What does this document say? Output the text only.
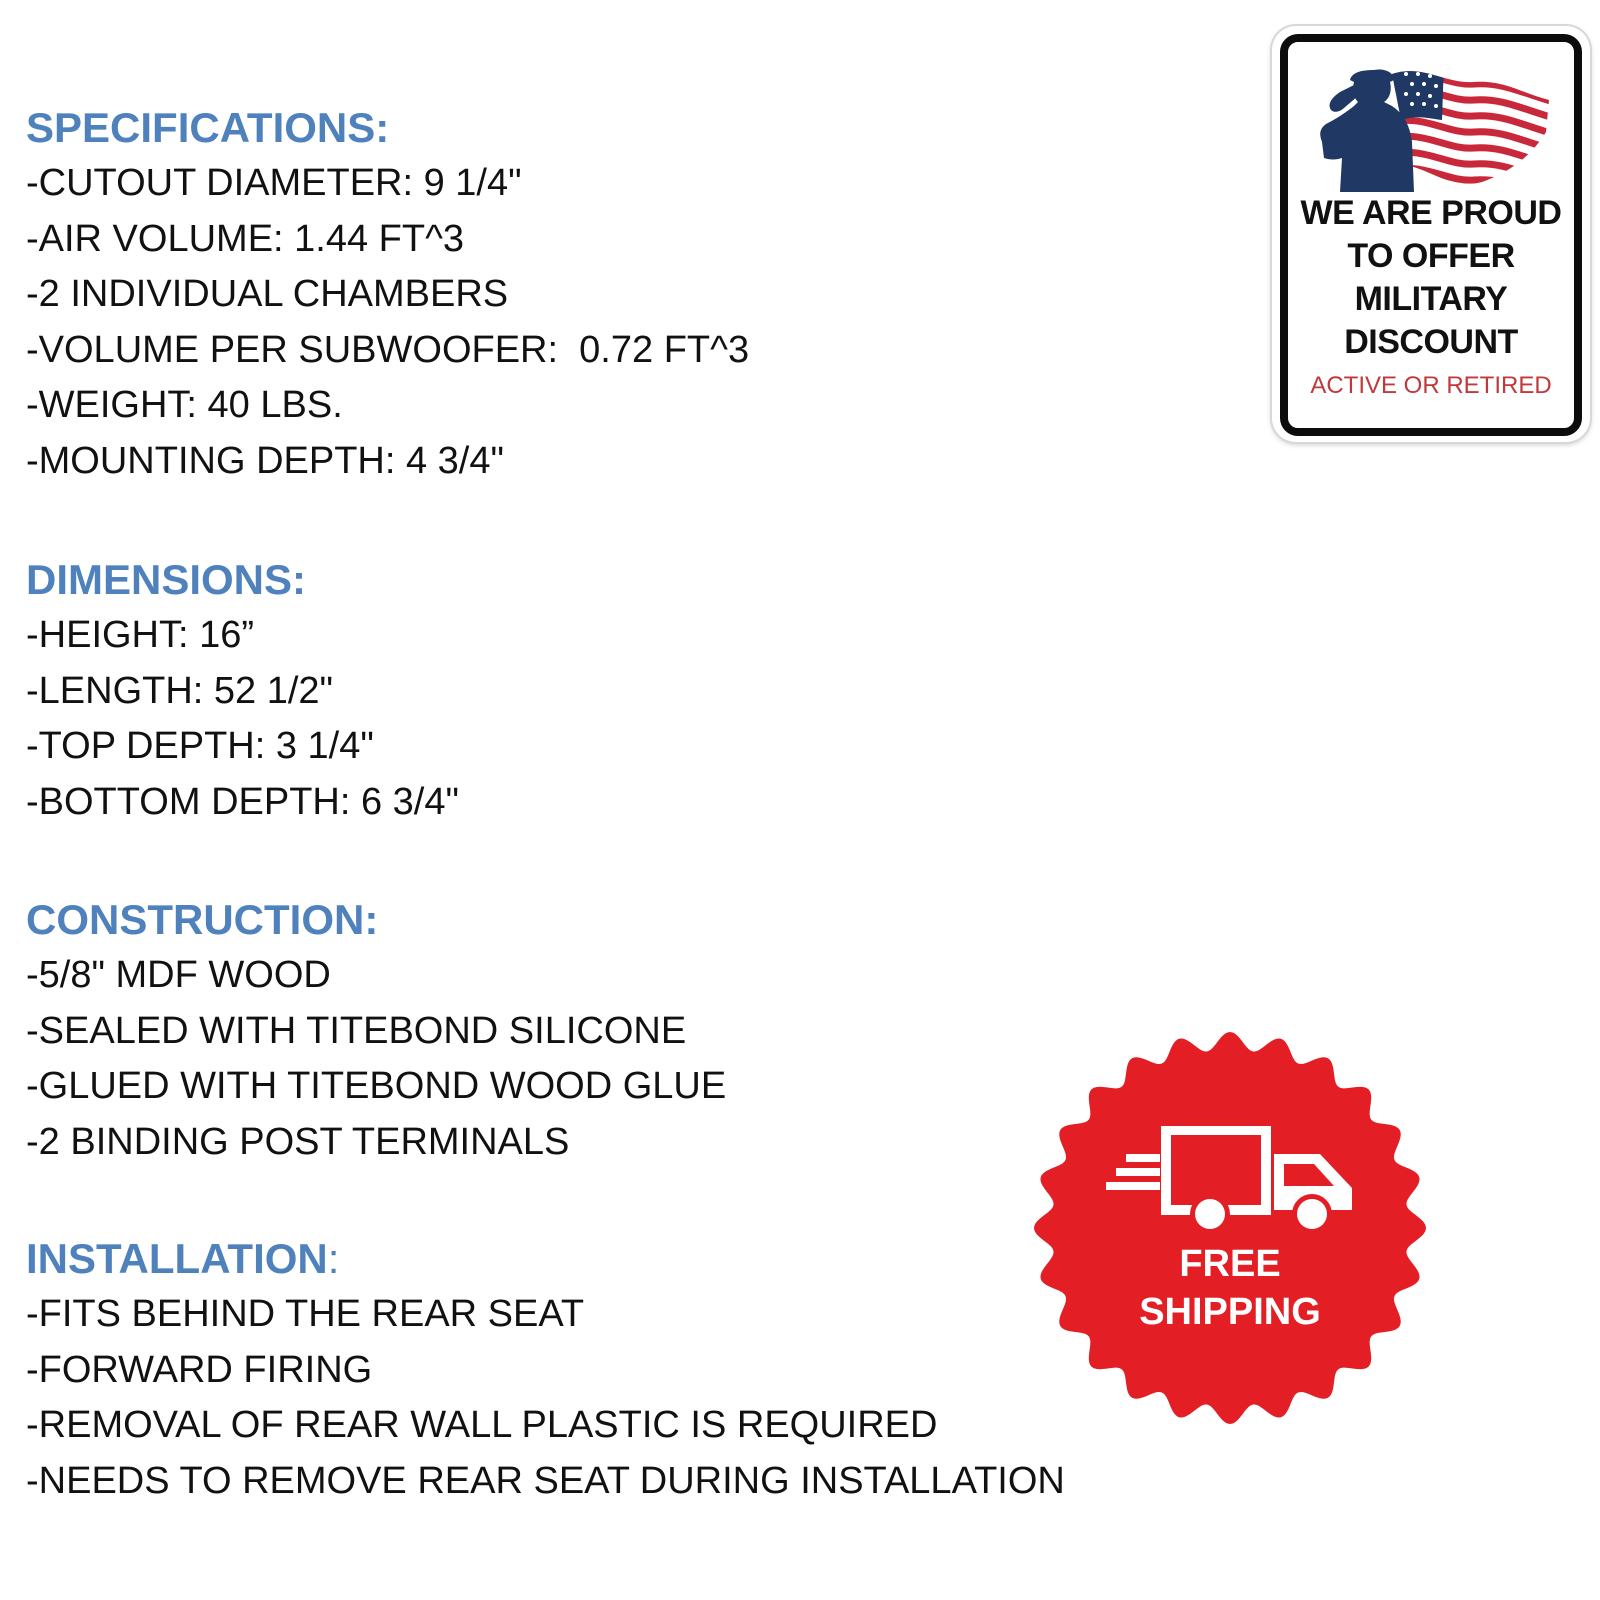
SPECIFICATIONS:
-CUTOUT DIAMETER: 9 1/4"
-AIR VOLUME: 1.44 FT^3
-2 INDIVIDUAL CHAMBERS
-VOLUME PER SUBWOOFER:  0.72 FT^3
-WEIGHT: 40 LBS.
-MOUNTING DEPTH: 4 3/4"
DIMENSIONS:
-HEIGHT: 16”
-LENGTH: 52 1/2"
-TOP DEPTH: 3 1/4"
-BOTTOM DEPTH: 6 3/4"
CONSTRUCTION:
-5/8" MDF WOOD
-SEALED WITH TITEBOND SILICONE
-GLUED WITH TITEBOND WOOD GLUE
-2 BINDING POST TERMINALS
INSTALLATION:
-FITS BEHIND THE REAR SEAT
-FORWARD FIRING
-REMOVAL OF REAR WALL PLASTIC IS REQUIRED
-NEEDS TO REMOVE REAR SEAT DURING INSTALLATION
WE ARE PROUD
TO OFFER
MILITARY
DISCOUNT
ACTIVE OR RETIRED
FREE
SHIPPING
